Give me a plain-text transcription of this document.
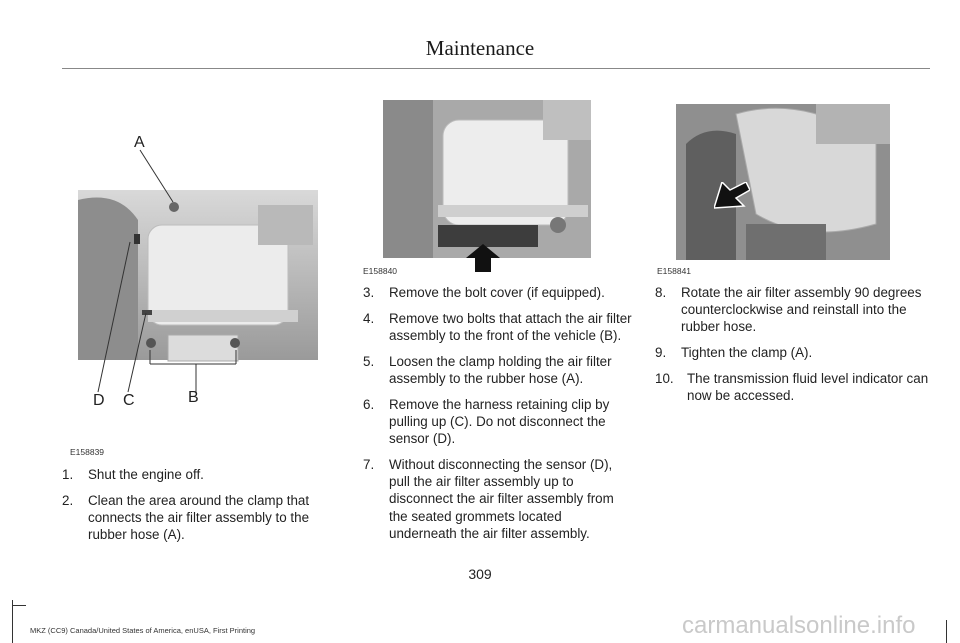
Maintenance
A
D C	B
E158839
E158840	E158841
1. Shut the engine off.
2. Clean the area around the clamp that connects the air filter assembly to the rubber hose (A).
3. Remove the bolt cover (if equipped).
4. Remove two bolts that attach the air filter assembly to the front of the vehicle (B).
5. Loosen the clamp holding the air filter assembly to the rubber hose (A).
6. Remove the harness retaining clip by pulling up (C). Do not disconnect the sensor (D).
7. Without disconnecting the sensor (D), pull the air filter assembly up to disconnect the air filter assembly from the seated grommets located underneath the air filter assembly.
8. Rotate the air filter assembly 90 degrees counterclockwise and reinstall into the rubber hose.
9. Tighten the clamp (A).
10. The transmission fluid level indicator can now be accessed.
309
MKZ (CC9) Canada/United States of America, enUSA, First Printing	carmanualsonline.info
